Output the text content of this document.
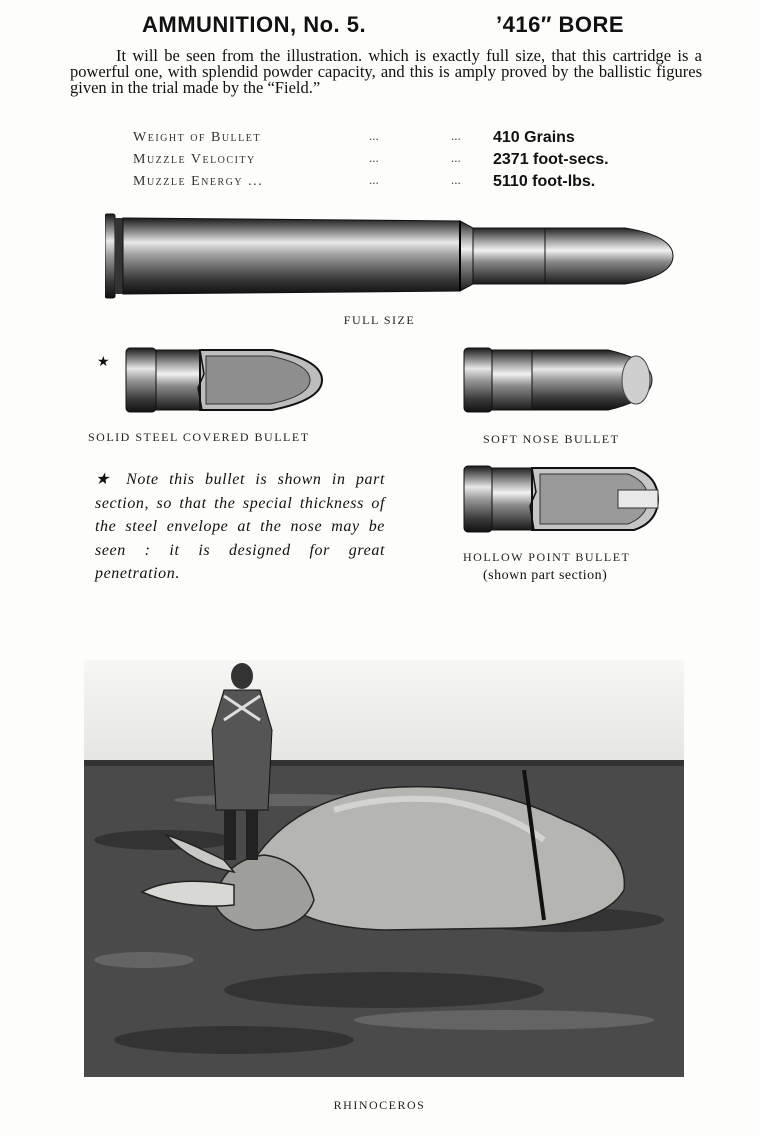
AMMUNITION, No. 5.	’416″ BORE
It will be seen from the illustration. which is exactly full size, that this cartridge is a powerful one, with splendid powder capacity, and this is amply proved by the ballistic figures given in the trial made by the “Field.”
Weight of Bullet	...	... 410 Grains
Muzzle Velocity	...	... 2371 foot-secs.
Muzzle Energy ...	...	... 5110 foot-lbs.
FULL SIZE
★
SOLID STEEL COVERED BULLET	SOFT NOSE BULLET
★ Note this bullet is shown in part section, so that the special thickness of the steel envelope at the nose may be seen : it is designed for great penetration.
HOLLOW POINT BULLET
(shown part section)
RHINOCEROS
